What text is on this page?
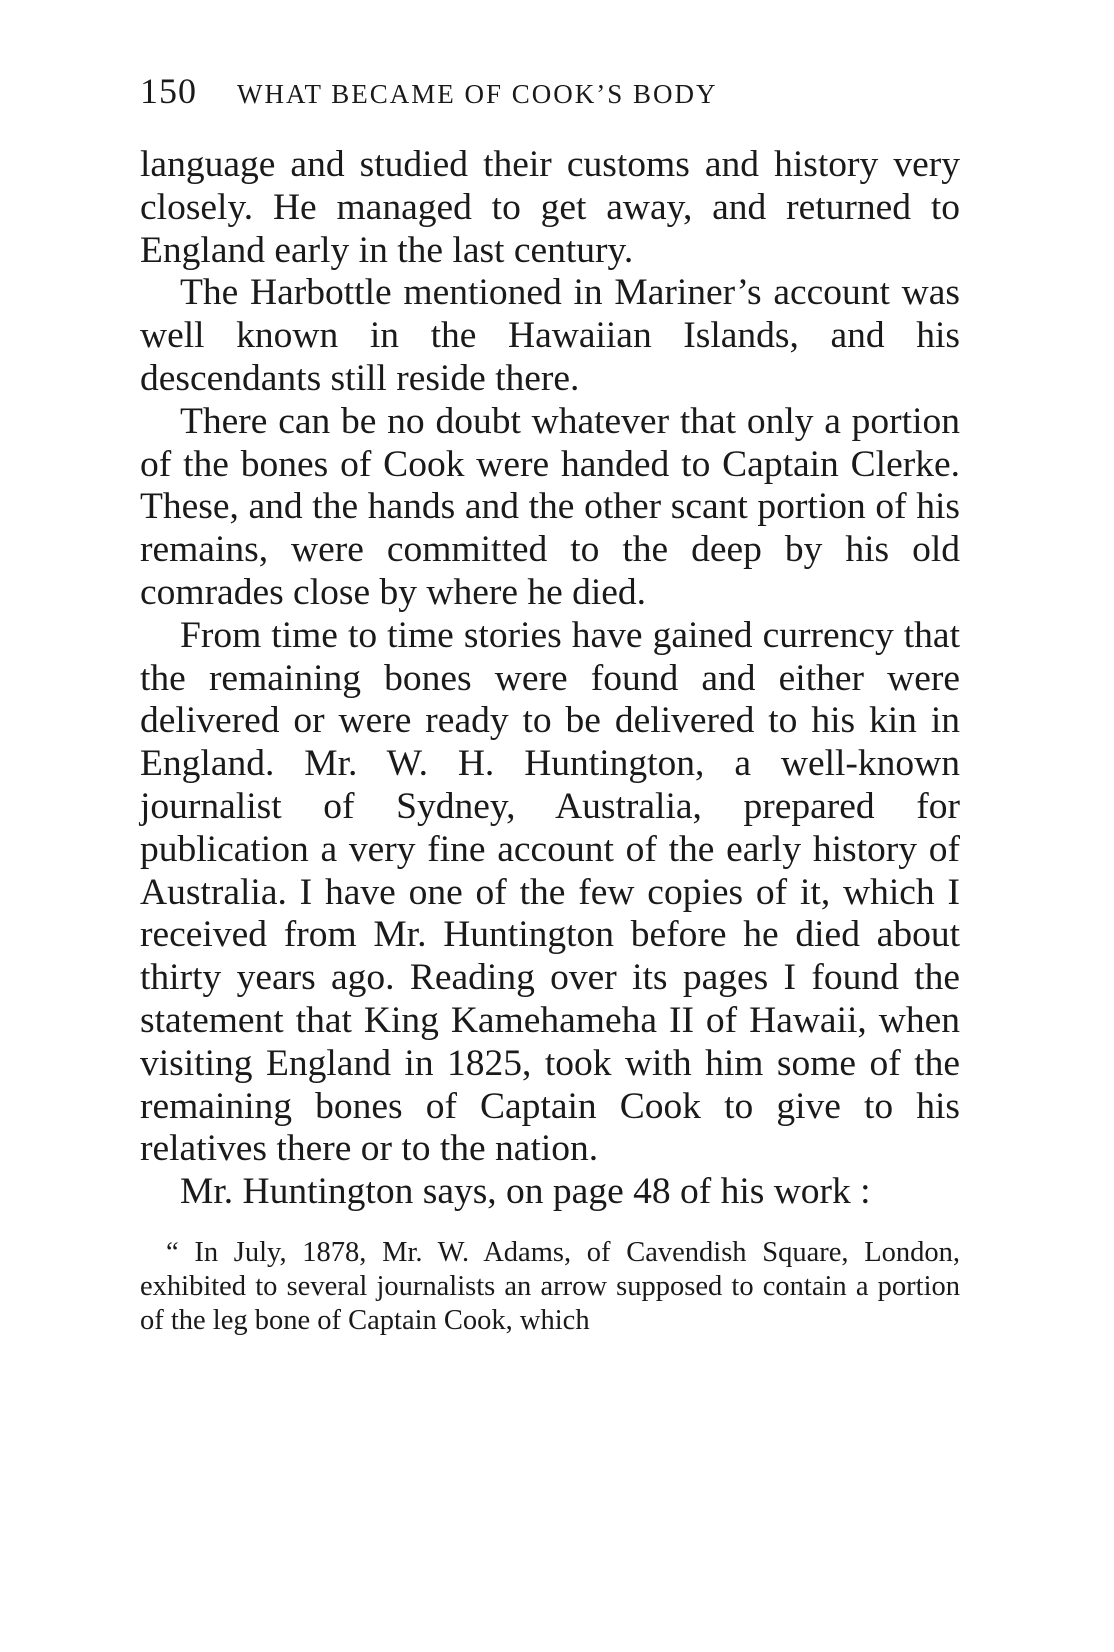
150 WHAT BECAME OF COOK’S BODY

language and studied their customs and history very closely. He managed to get away, and returned to England early in the last century.

The Harbottle mentioned in Mariner’s account was well known in the Hawaiian Islands, and his descendants still reside there.

There can be no doubt whatever that only a portion of the bones of Cook were handed to Captain Clerke. These, and the hands and the other scant portion of his remains, were committed to the deep by his old comrades close by where he died.

From time to time stories have gained currency that the remaining bones were found and either were delivered or were ready to be delivered to his kin in England. Mr. W. H. Huntington, a well-known journalist of Sydney, Australia, prepared for publication a very fine account of the early history of Australia. I have one of the few copies of it, which I received from Mr. Huntington before he died about thirty years ago. Reading over its pages I found the statement that King Kamehameha II of Hawaii, when visiting England in 1825, took with him some of the remaining bones of Captain Cook to give to his relatives there or to the nation.

Mr. Huntington says, on page 48 of his work :

“ In July, 1878, Mr. W. Adams, of Cavendish Square, London, exhibited to several journalists an arrow supposed to contain a portion of the leg bone of Captain Cook, which
